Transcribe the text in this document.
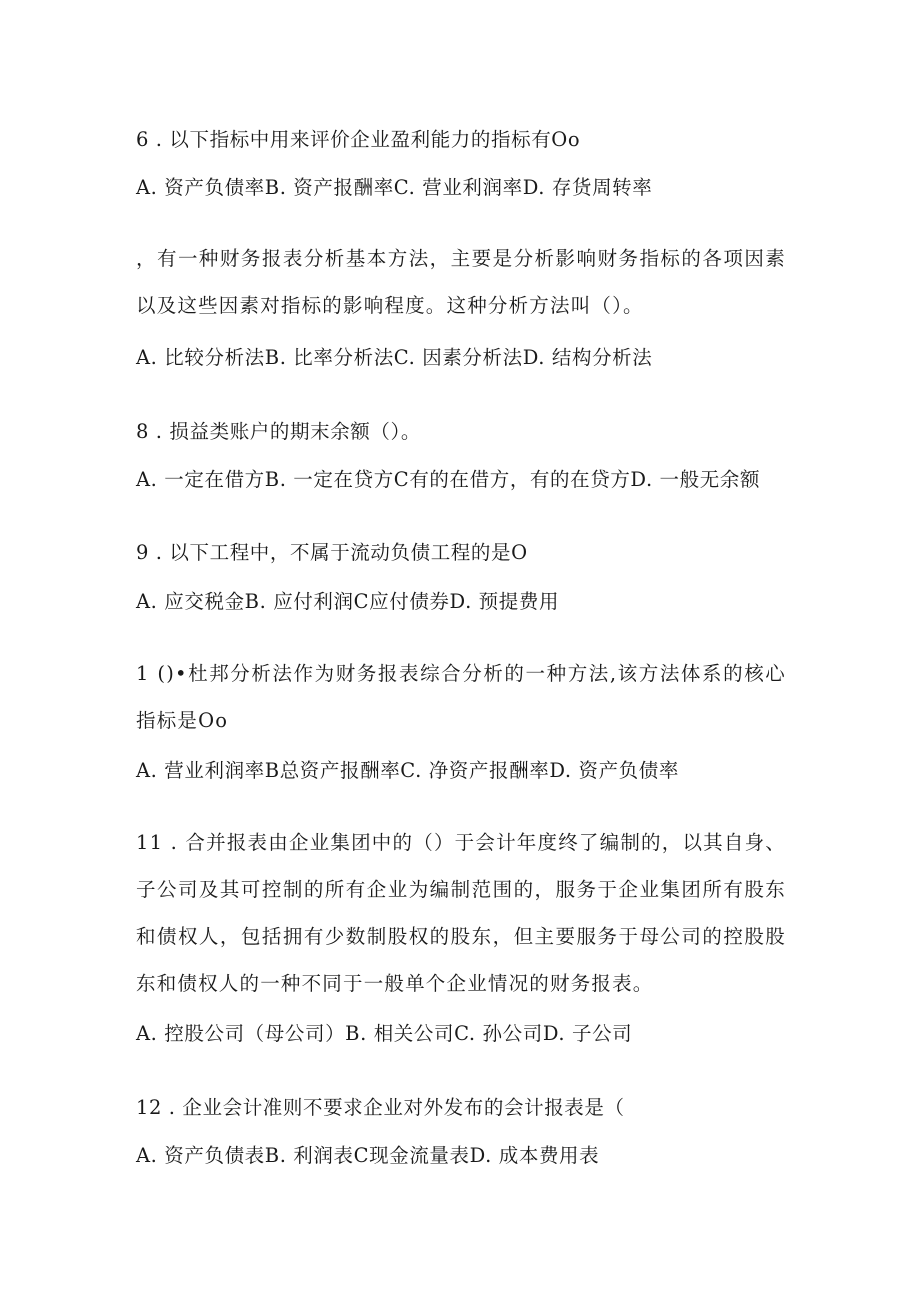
6 . 以下指标中用来评价企业盈利能力的指标有Oo
A. 资产负债率B. 资产报酬率C. 营业利润率D. 存货周转率
，有一种财务报表分析基本方法，主要是分析影响财务指标的各项因素以及这些因素对指标的影响程度。这种分析方法叫（）。
A. 比较分析法B. 比率分析法C. 因素分析法D. 结构分析法
8 . 损益类账户的期末余额（）。
A. 一定在借方B. 一定在贷方C有的在借方，有的在贷方D. 一般无余额
9 . 以下工程中，不属于流动负债工程的是O
A. 应交税金B. 应付利润C应付债券D. 预提费用
1 ()•杜邦分析法作为财务报表综合分析的一种方法,该方法体系的核心指标是Oo
A. 营业利润率B总资产报酬率C. 净资产报酬率D. 资产负债率
11 . 合并报表由企业集团中的（）于会计年度终了编制的，以其自身、子公司及其可控制的所有企业为编制范围的，服务于企业集团所有股东和债权人，包括拥有少数制股权的股东，但主要服务于母公司的控股股东和债权人的一种不同于一般单个企业情况的财务报表。
A. 控股公司（母公司）B. 相关公司C. 孙公司D. 子公司
12 . 企业会计准则不要求企业对外发布的会计报表是（
A. 资产负债表B. 利润表C现金流量表D. 成本费用表
